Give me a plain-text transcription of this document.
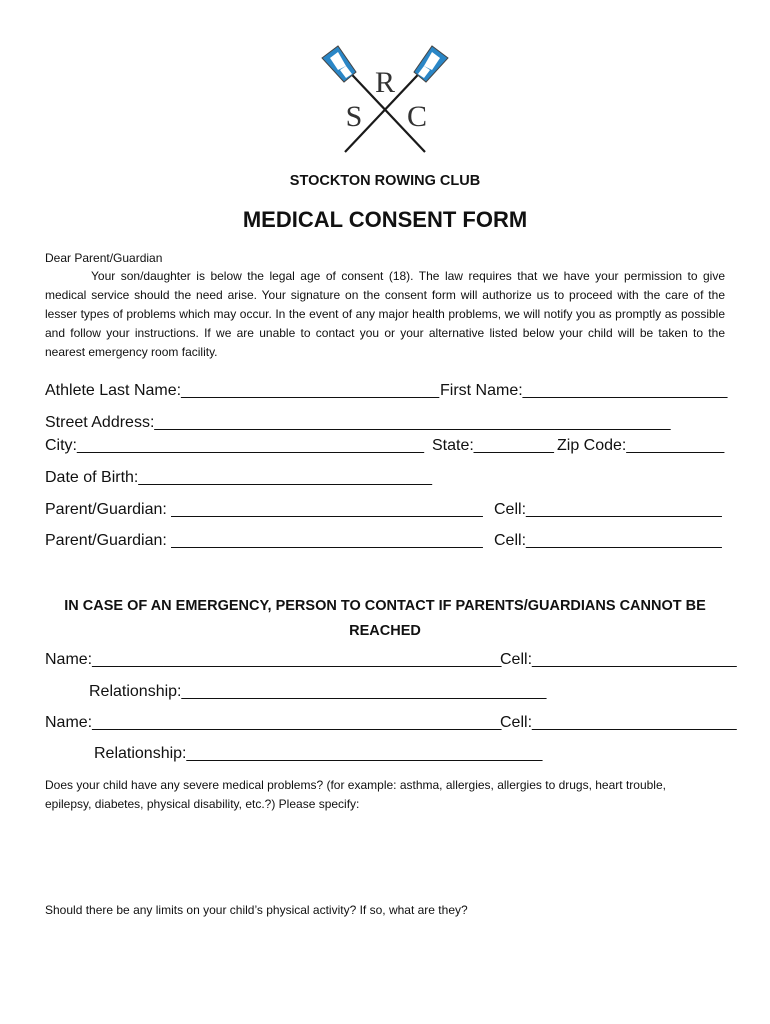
R
S C
STOCKTON ROWING CLUB
MEDICAL CONSENT FORM
Dear Parent/Guardian
Your son/daughter is below the legal age of consent (18). The law requires that we have your permission to give medical service should the need arise. Your signature on the consent form will authorize us to proceed with the care of the lesser types of problems which may occur. In the event of any major health problems, we will notify you as promptly as possible and follow your instructions. If we are unable to contact you or your alternative listed below your child will be taken to the nearest emergency room facility.
Athlete Last Name:_____________________________ First Name:_______________________
Street Address:__________________________________________________________
City:_______________________________________ State:_________ Zip Code:___________
Date of Birth:_________________________________
Parent/Guardian: ___________________________________ Cell:______________________
Parent/Guardian: ___________________________________ Cell:______________________
IN CASE OF AN EMERGENCY, PERSON TO CONTACT IF PARENTS/GUARDIANS CANNOT BE REACHED
Name:______________________________________________
Cell:_______________________
Relationship:_________________________________________
Name:______________________________________________
Cell:_______________________
Relationship:________________________________________
Does your child have any severe medical problems? (for example: asthma, allergies, allergies to drugs, heart trouble, epilepsy, diabetes, physical disability, etc.?) Please specify:
Should there be any limits on your child’s physical activity? If so, what are they?
